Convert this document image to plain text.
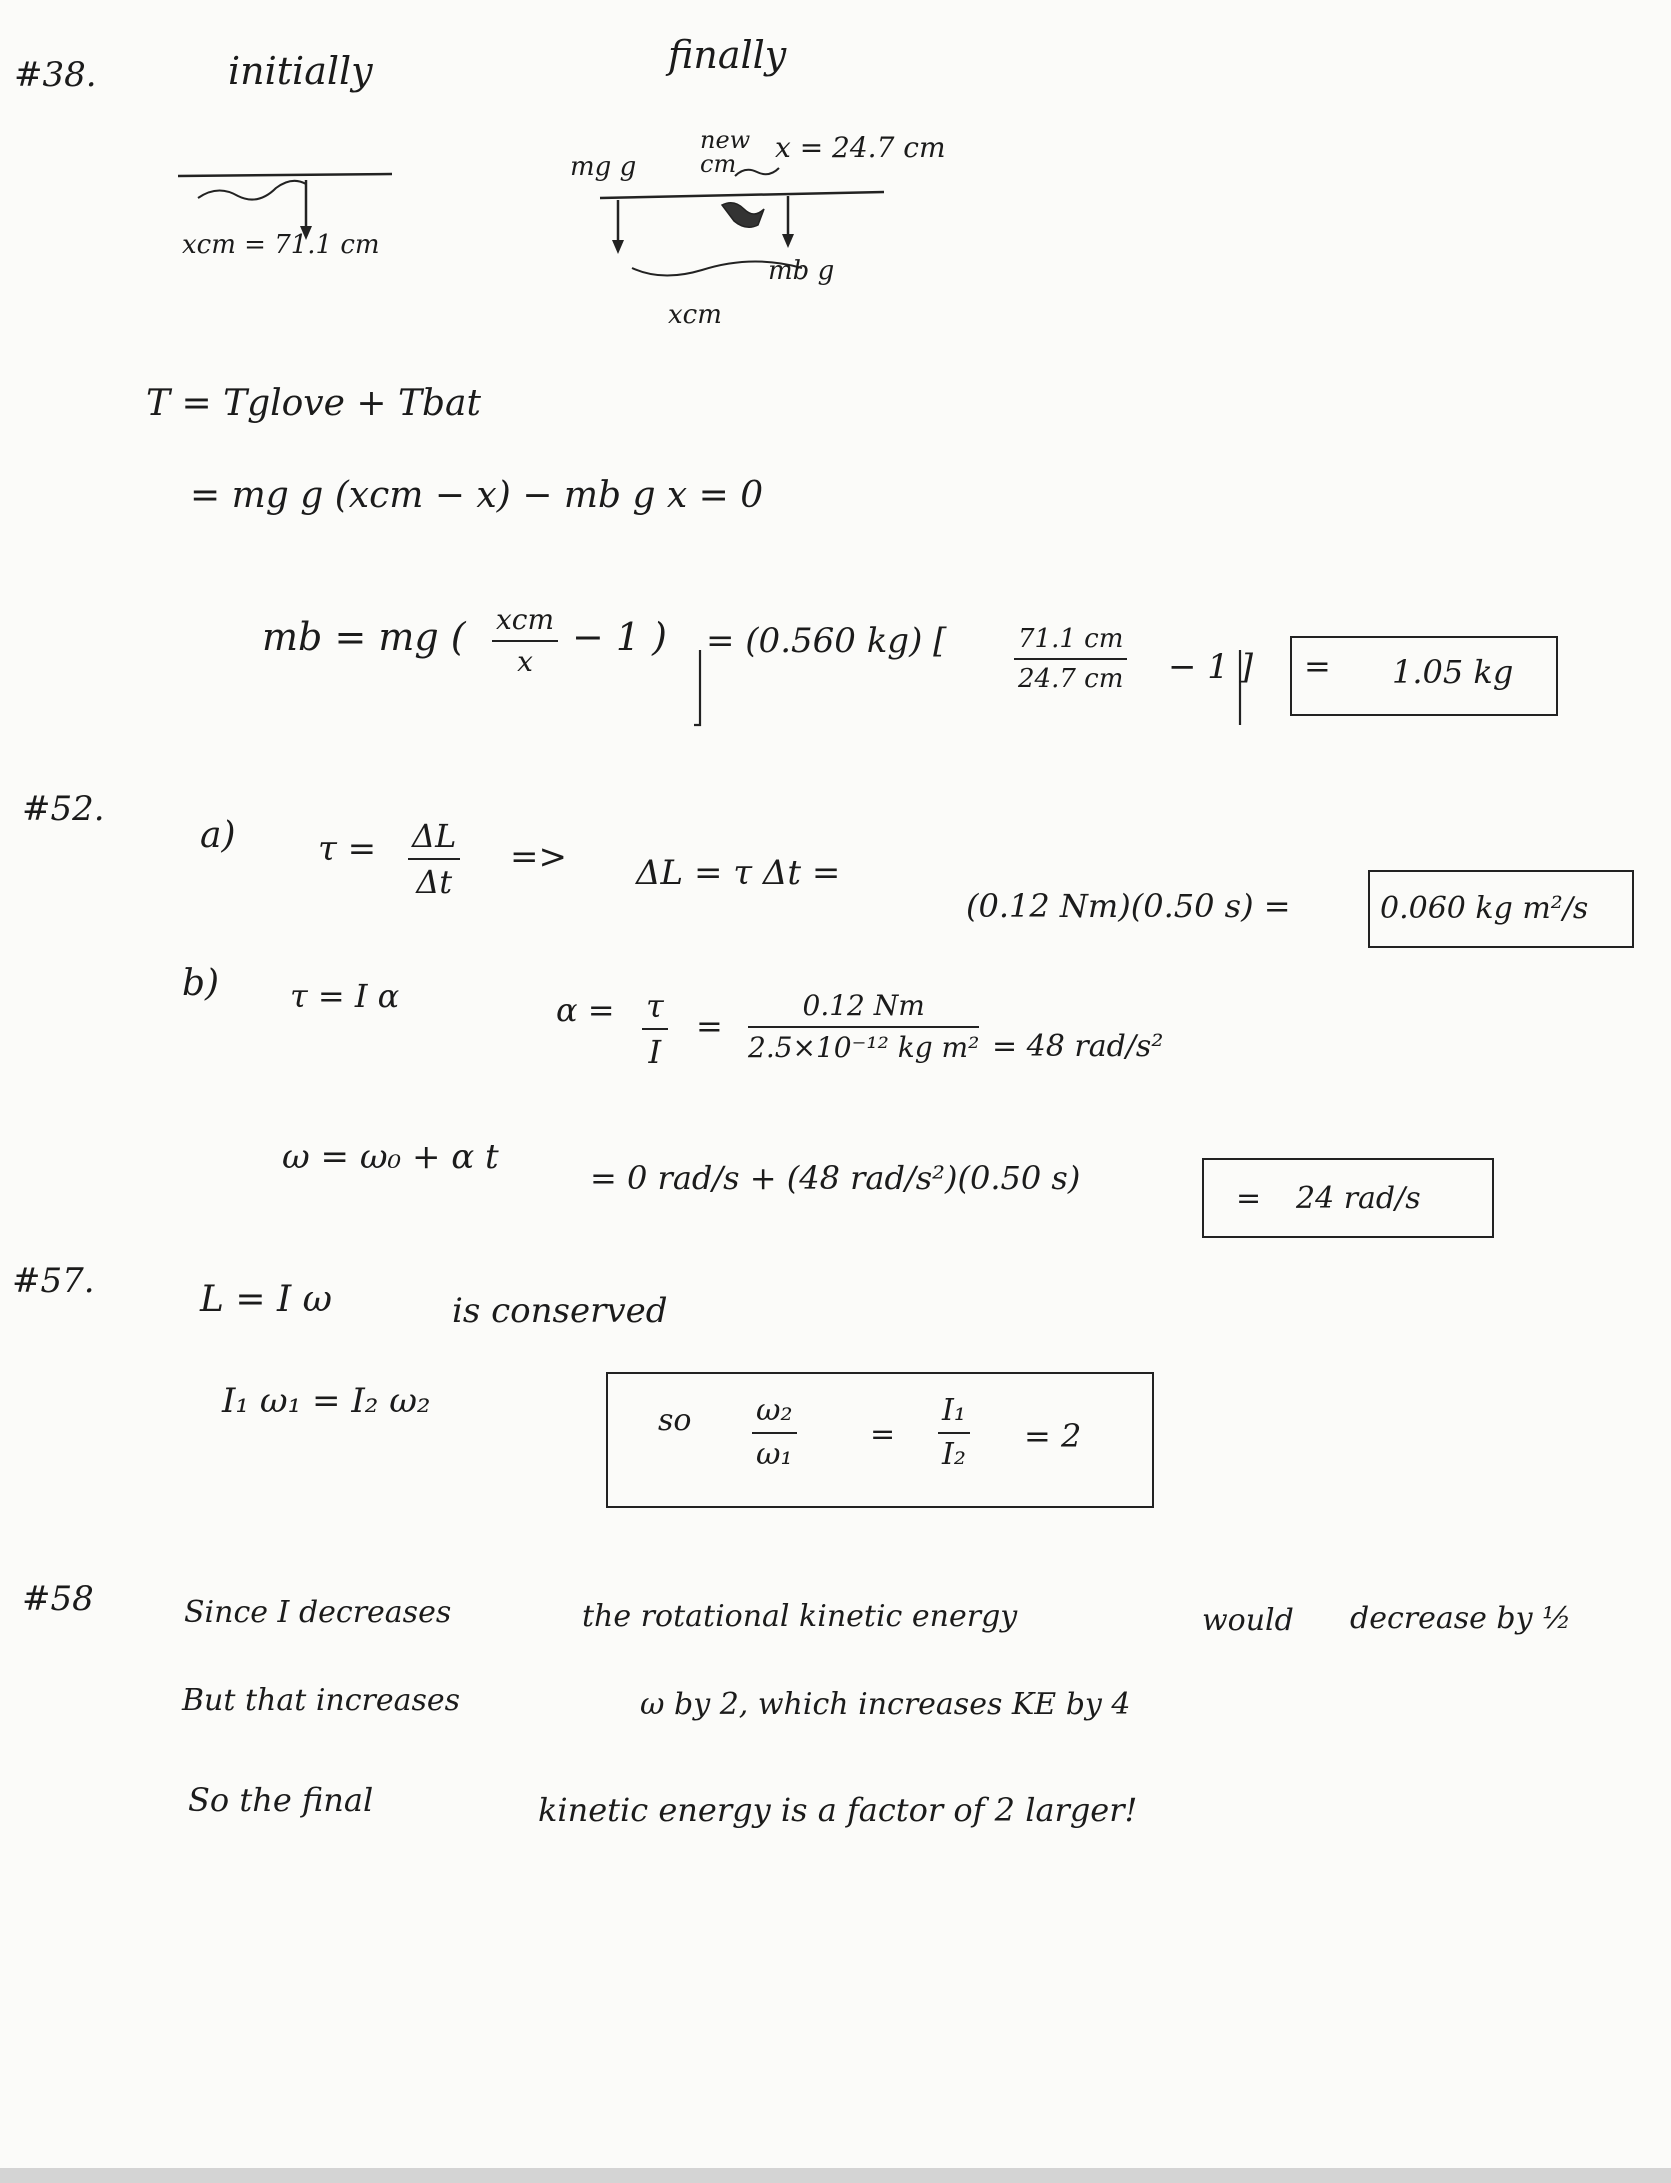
#38.	initially	finally
xcm = 71.1 cm
mg g
new cm	x = 24.7 cm
mb g
xcm
T = Tglove + Tbat
= mg g (xcm − x) − mb g x = 0
mb = mg ( xcm
x
− 1 ) = (0.560 kg) [	$\frac{71.1 cm}{24.7 cm} - 1$ ] = 1.05 kg
#52.
a) $\tau = \frac{\Delta L}{\Delta t} => \Delta L = \tau$ Δt =
(0.12 Nm)(0.50 s) =	0.060 kg m²/s
b) τ = I α	$\alpha = \frac{\tau}{I} = \frac{0.12 Nm}{\text{2.5×10⁻¹² kg m²}} = 48$ rad/s²
ω = ω₀ + α t
= 0 rad/s + (48 rad/s²)(0.50 s)
= 24 rad/s
#57.	L = I ω	is conserved
I₁ ω₁ = I₂ ω₂	so $\frac{\text{ω₂}}{\text{ω₁}} = \frac{\text{I₁}}{\text{I₂}} = 2$
#58	Since I decreases	the rotational kinetic energy	would decrease by ½
But that increases	ω by 2, which increases KE by 4
So the final	kinetic energy is a factor of 2 larger!
